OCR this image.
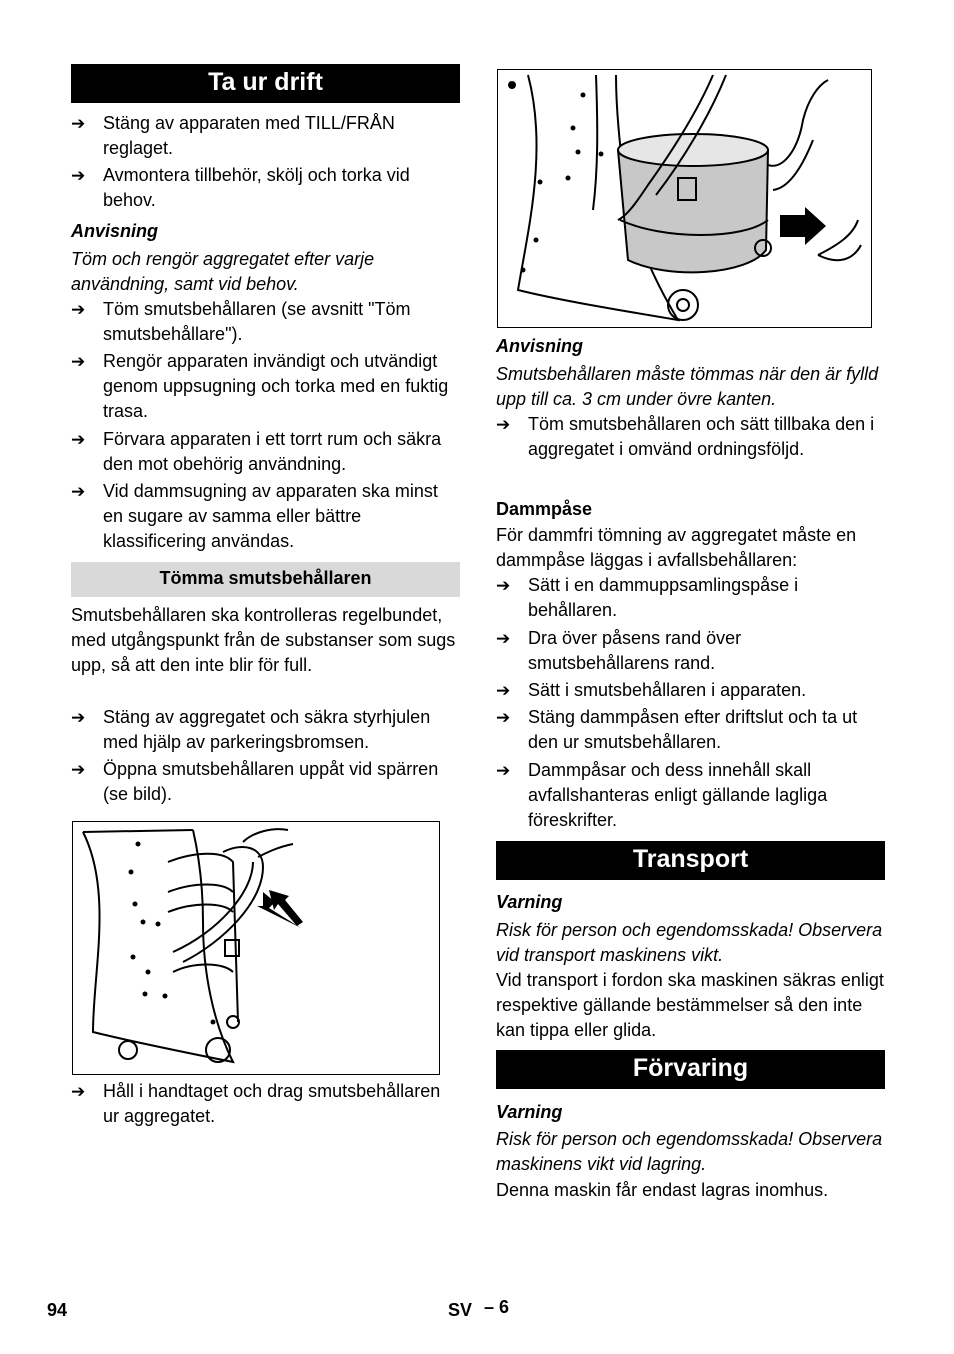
Ta ur drift
➔ Stäng av apparaten med TILL/FRÅN reglaget.
➔ Avmontera tillbehör, skölj och torka vid behov.
Anvisning
Töm och rengör aggregatet efter varje användning, samt vid behov.
➔ Töm smutsbehållaren (se avsnitt "Töm smutsbehållare").
➔ Rengör apparaten invändigt och utvändigt genom uppsugning och torka med en fuktig trasa.
➔ Förvara apparaten i ett torrt rum och säkra den mot obehörig användning.
➔ Vid dammsugning av apparaten ska minst en sugare av samma eller bättre klassificering användas.
Tömma smutsbehållaren
Smutsbehållaren ska kontrolleras regelbundet, med utgångspunkt från de substanser som sugs upp, så att den inte blir för full.
➔ Stäng av aggregatet och säkra styrhjulen med hjälp av parkeringsbromsen.
➔ Öppna smutsbehållaren uppåt vid spärren (se bild).
➔ Håll i handtaget och drag smutsbehållaren ur aggregatet.
Anvisning
Smutsbehållaren måste tömmas när den är fylld upp till ca. 3 cm under övre kanten.
➔ Töm smutsbehållaren och sätt tillbaka den i aggregatet i omvänd ordningsföljd.
Dammpåse
För dammfri tömning av aggregatet måste en dammpåse läggas i avfallsbehållaren:
➔ Sätt i en dammuppsamlingspåse i behållaren.
➔ Dra över påsens rand över smutsbehållarens rand.
➔ Sätt i smutsbehållaren i apparaten.
➔ Stäng dammpåsen efter driftslut och ta ut den ur smutsbehållaren.
➔ Dammpåsar och dess innehåll skall avfallshanteras enligt gällande lagliga föreskrifter.
Transport
Varning
Risk för person och egendomsskada! Observera vid transport maskinens vikt.
Vid transport i fordon ska maskinen säkras enligt respektive gällande bestämmelser så den inte kan tippa eller glida.
Förvaring
Varning
Risk för person och egendomsskada! Observera maskinens vikt vid lagring.
Denna maskin får endast lagras inomhus.
94	SV – 6
